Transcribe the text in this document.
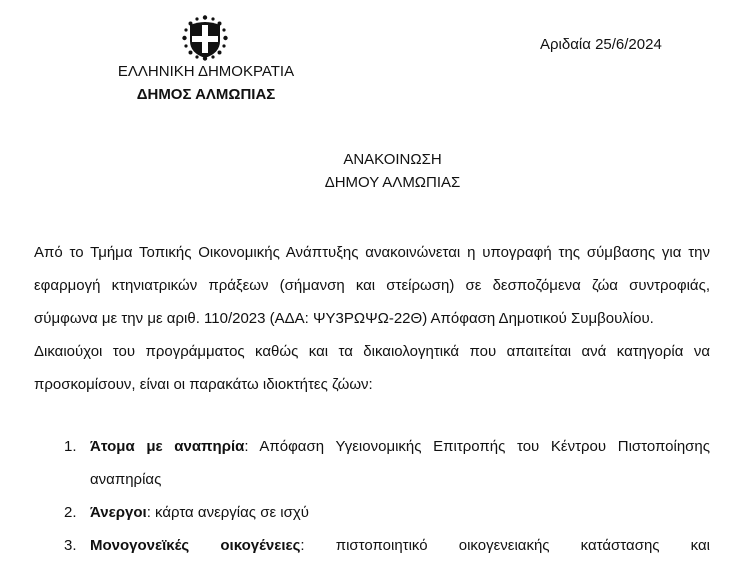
ΕΛΛΗΝΙΚΗ ΔΗΜΟΚΡΑΤΙΑ
ΔΗΜΟΣ ΑΛΜΩΠΙΑΣ
Αριδαία 25/6/2024
ΑΝΑΚΟΙΝΩΣΗ
ΔΗΜΟΥ ΑΛΜΩΠΙΑΣ

Από το Τμήμα Τοπικής Οικονομικής Ανάπτυξης ανακοινώνεται η υπογραφή της σύμβασης για την εφαρμογή κτηνιατρικών πράξεων (σήμανση και στείρωση) σε δεσποζόμενα ζώα συντροφιάς, σύμφωνα με την με αριθ. 110/2023 (ΑΔΑ: ΨΥ3ΡΩΨΩ-22Θ) Απόφαση Δημοτικού Συμβουλίου.

Δικαιούχοι του προγράμματος καθώς και τα δικαιολογητικά που απαιτείται ανά κατηγορία να προσκομίσουν, είναι οι παρακάτω ιδιοκτήτες ζώων:

1. Άτομα με αναπηρία: Απόφαση Υγειονομικής Επιτροπής του Κέντρου Πιστοποίησης αναπηρίας
2. Άνεργοι: κάρτα ανεργίας σε ισχύ
3. Μονογονεϊκές οικογένειες: πιστοποιητικό οικογενειακής κατάστασης και
